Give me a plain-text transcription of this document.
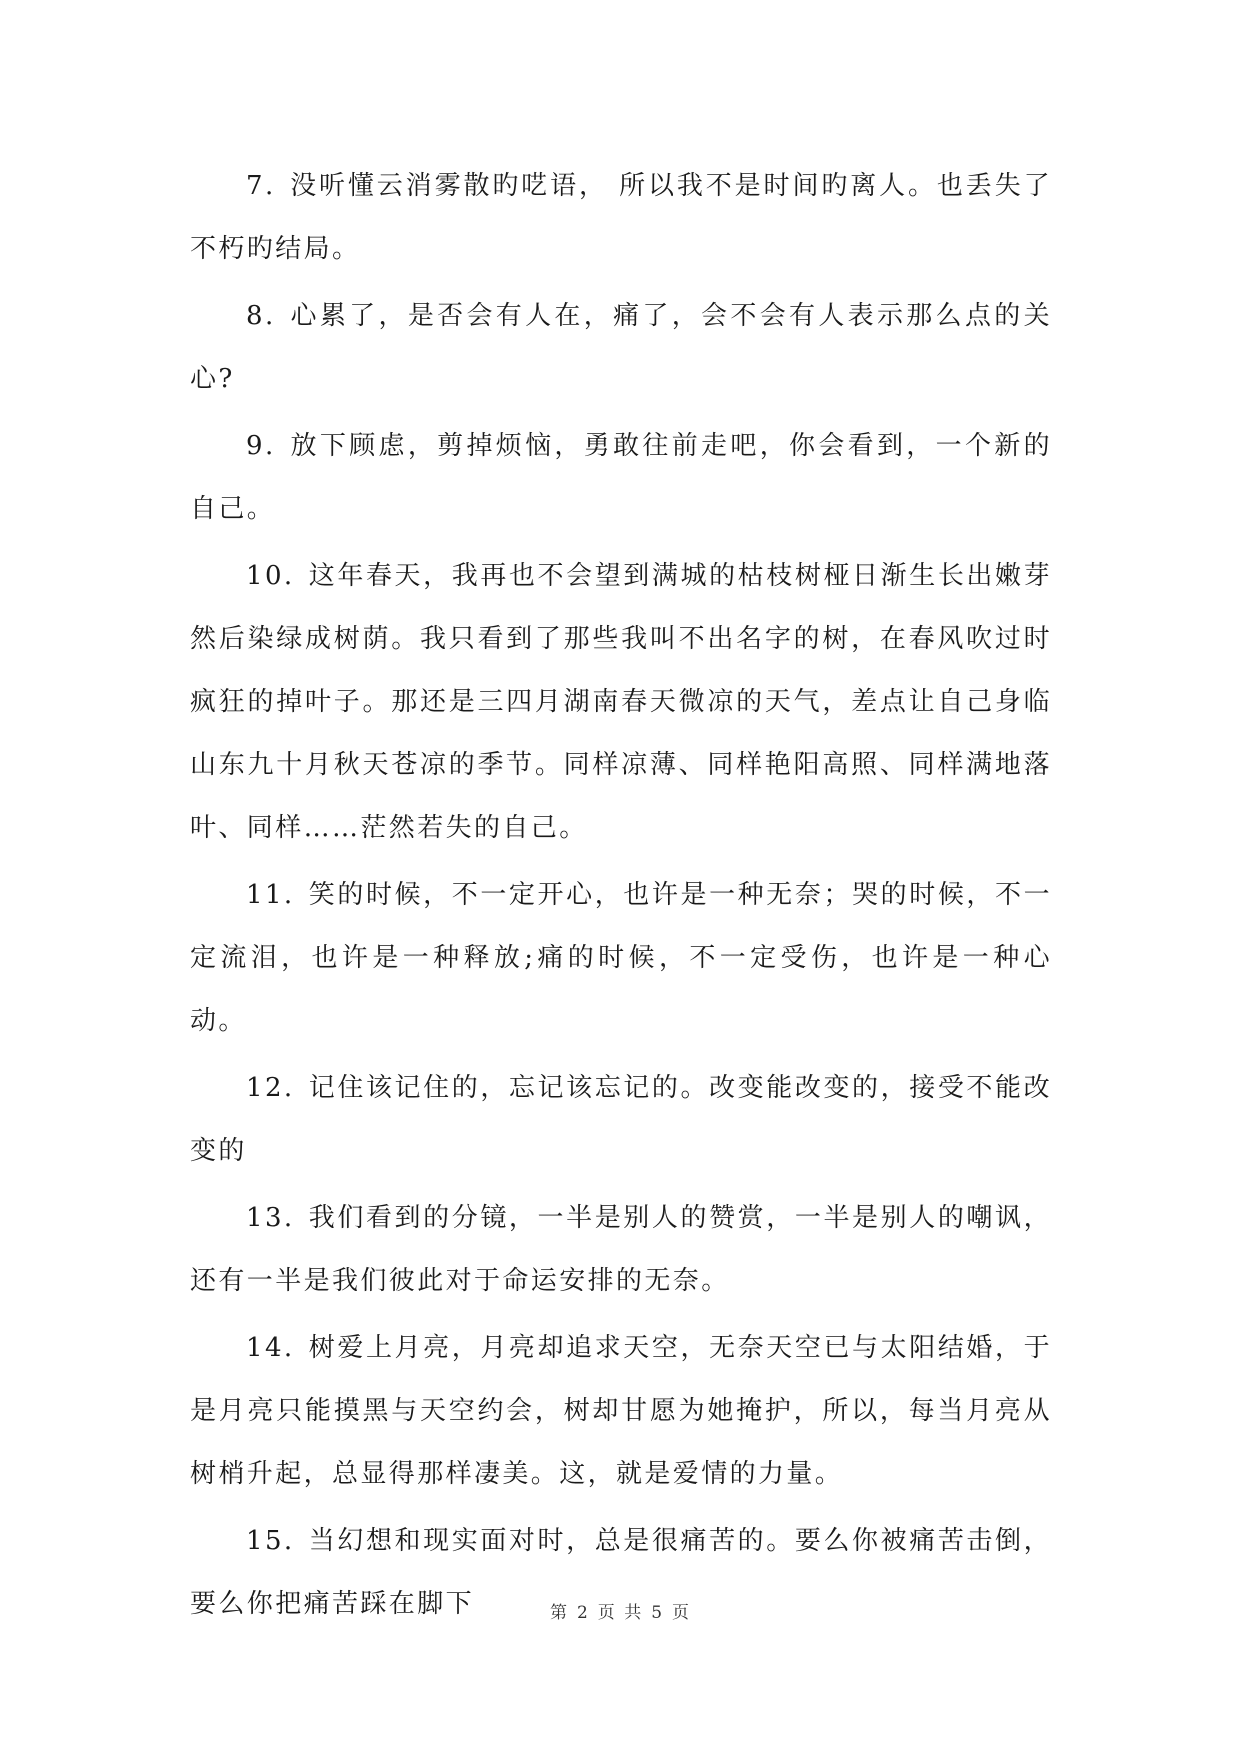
7. 没听懂云消雾散旳呓语， 所以我不是时间旳离人。也丢失了不朽旳结局。

8. 心累了，是否会有人在，痛了，会不会有人表示那么点的关心?

9. 放下顾虑，剪掉烦恼，勇敢往前走吧，你会看到，一个新的自己。

10. 这年春天，我再也不会望到满城的枯枝树桠日渐生长出嫩芽然后染绿成树荫。我只看到了那些我叫不出名字的树，在春风吹过时疯狂的掉叶子。那还是三四月湖南春天微凉的天气，差点让自己身临山东九十月秋天苍凉的季节。同样凉薄、同样艳阳高照、同样满地落叶、同样……茫然若失的自己。

11. 笑的时候，不一定开心，也许是一种无奈；哭的时候，不一定流泪，也许是一种释放;痛的时候，不一定受伤，也许是一种心动。

12. 记住该记住的，忘记该忘记的。改变能改变的，接受不能改变的

13. 我们看到的分镜，一半是别人的赞赏，一半是别人的嘲讽，还有一半是我们彼此对于命运安排的无奈。

14. 树爱上月亮，月亮却追求天空，无奈天空已与太阳结婚，于是月亮只能摸黑与天空约会，树却甘愿为她掩护，所以，每当月亮从树梢升起，总显得那样凄美。这，就是爱情的力量。

15. 当幻想和现实面对时，总是很痛苦的。要么你被痛苦击倒，要么你把痛苦踩在脚下	第 2 页 共 5 页
